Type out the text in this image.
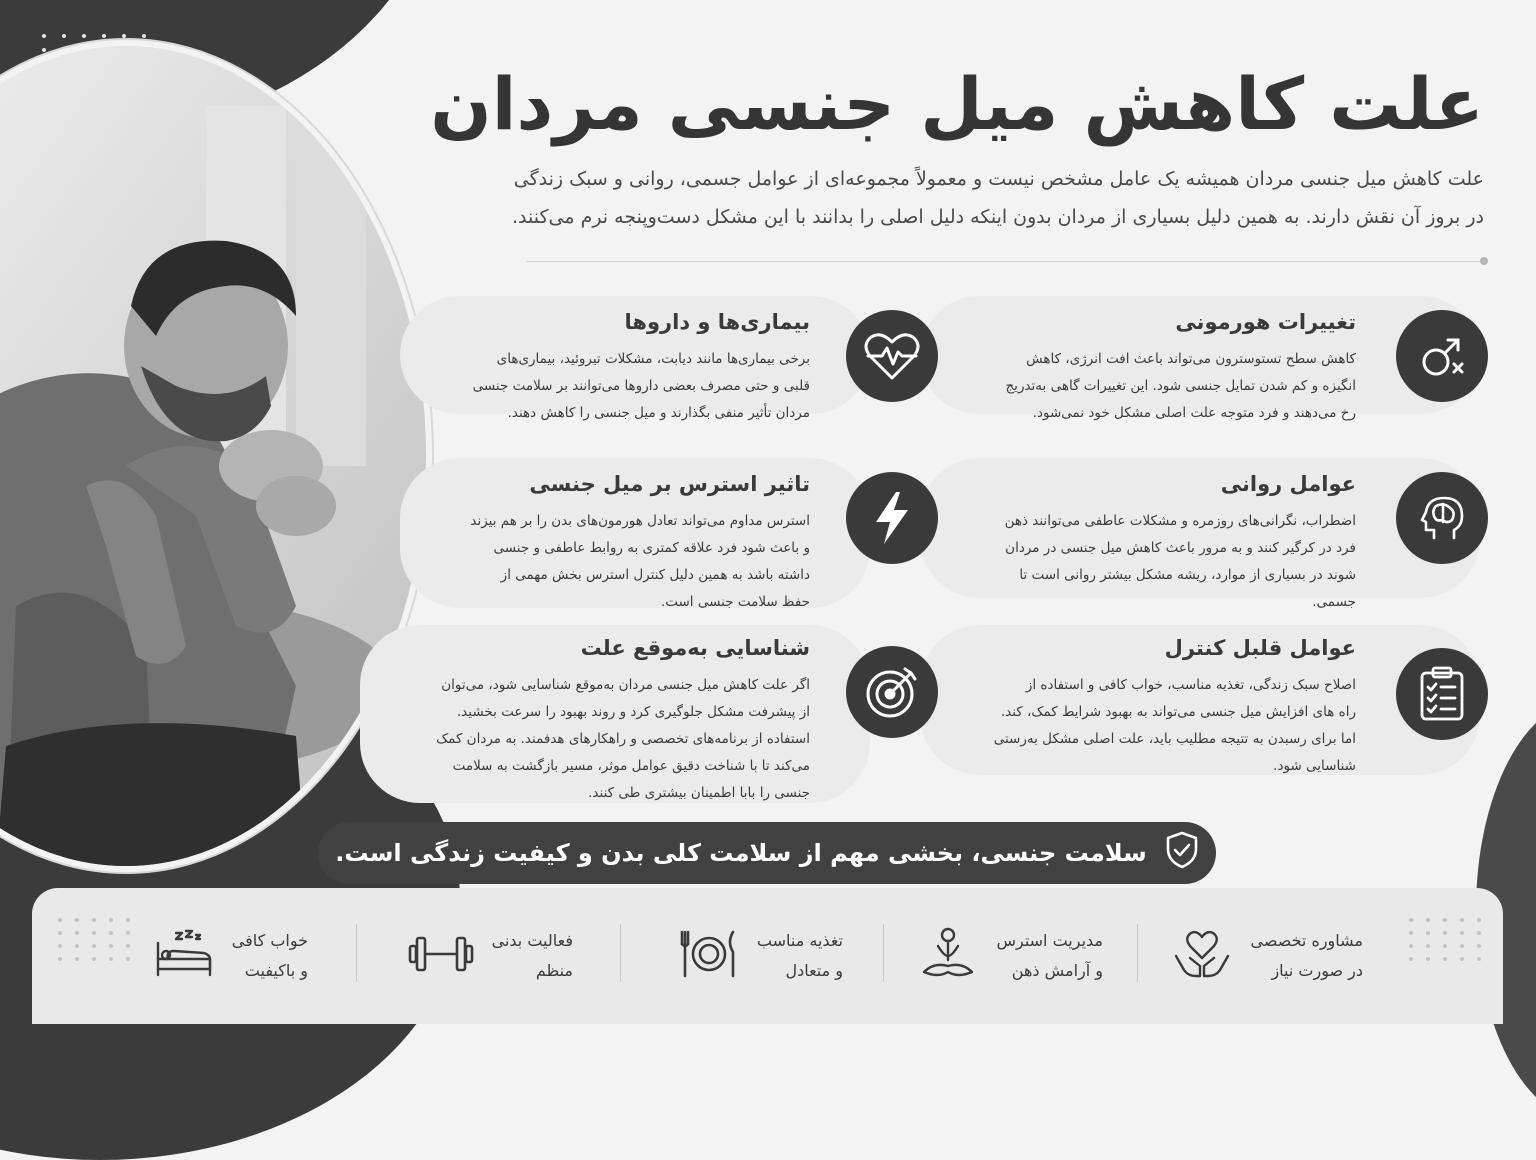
علت کاهش میل جنسی مردان
علت کاهش میل جنسی مردان همیشه یک عامل مشخص نیست و معمولاً مجموعه‌ای از عوامل جسمی، روانی و سبک زندگی
در بروز آن نقش دارند. به همین دلیل بسیاری از مردان بدون اینکه دلیل اصلی را بدانند با این مشکل دست‌وپنجه نرم می‌کنند.
تغییرات هورمونی
کاهش سطح تستوسترون می‌تواند باعث افت انرژی، کاهش
انگیزه و کم شدن تمایل جنسی شود. این تغییرات گاهی به‌تدریج
رخ می‌دهند و فرد متوجه علت اصلی مشکل خود نمی‌شود.
بیماری‌ها و داروها
برخی بیماری‌ها مانند دیابت، مشکلات تیروئید، بیماری‌های
قلبی و حتی مصرف بعضی داروها می‌توانند بر سلامت جنسی
مردان تأثیر منفی بگذارند و میل جنسی را کاهش دهند.
عوامل روانی
اضطراب، نگرانی‌های روزمره و مشکلات عاطفی می‌توانند ذهن
فرد در کرگیر کنند و به مرور باعث کاهش میل جنسی در مردان
شوند در بسیاری از موارد، ریشه مشکل بیشتر روانی است تا جسمی.
تاثیر استرس بر میل جنسی
استرس مداوم می‌تواند تعادل هورمون‌های بدن را بر هم بیزند
و باعث شود فرد علاقه کمتری به روابط عاطفی و جنسی
داشته باشد به همین دلیل کنترل استرس بخش مهمی از
حفظ سلامت جنسی است.
عوامل قلبل کنترل
اصلاح سبک زندگی، تغذیه مناسب، خواب کافی و استفاده از
راه های افزایش میل جنسی می‌تواند به بهبود شرایط کمک، کند.
اما برای رسبدن به تتیجه مطلیب باید، علت اصلی مشکل به‌رستی
شناسایی شود.
شناسایی به‌موقع علت
اگر علت کاهش میل جنسی مردان به‌موقع شناسایی شود، می‌توان
از پیشرفت مشکل جلوگیری کرد و روند بهبود را سرعت بخشید.
استفاده از برنامه‌های تخصصی و راهکارهای هدفمند. به مردان کمک
می‌کند تا با شناخت دقیق عوامل موثر، مسیر بازگشت به سلامت
جنسی را بابا اطمینان بیشتری طی کنند.
سلامت جنسی، بخشی مهم از سلامت کلی بدن و کیفیت زندگی است.
مشاوره تخصصی
در صورت نیاز
مدیریت استرس
و آرامش ذهن
تغذیه مناسب
و متعادل
فعالیت بدنی
منظم
خواب کافی
و باکیفیت
